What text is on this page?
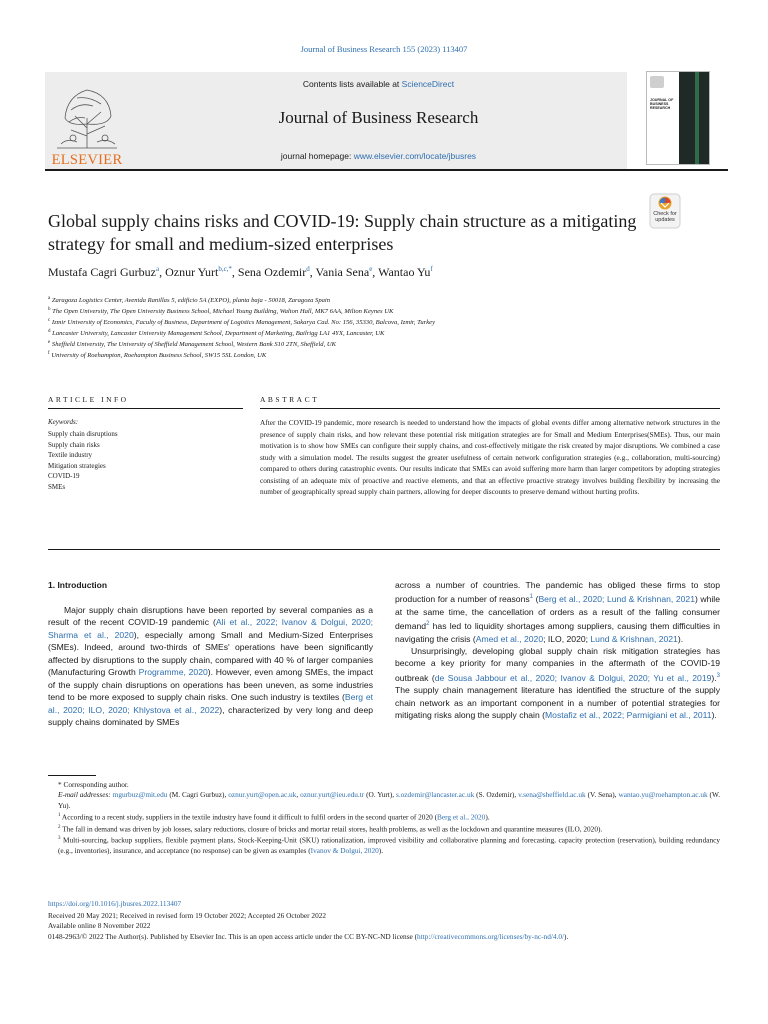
Journal of Business Research 155 (2023) 113407
ELSEVIER
Contents lists available at ScienceDirect
Journal of Business Research
journal homepage: www.elsevier.com/locate/jbusres
JOURNAL OF BUSINESS RESEARCH
Check for
updates
Global supply chains risks and COVID-19: Supply chain structure as a mitigating strategy for small and medium-sized enterprises
Mustafa Cagri Gurbuz$^a$, Oznur Yurt$^{b,c,*}$, Sena Ozdemir$^d$, Vania Sena$^e$, Wantao Yu$^f$
$^a$ Zaragoza Logistics Center, Avenida Ranillas 5, edificio 5A (EXPO), planta baja - 50018, Zaragoza Spain
$^b$ The Open University, The Open University Business School, Michael Young Building, Walton Hall, MK7 6AA, Milton Keynes UK
$^c$ Izmir University of Economics, Faculty of Business, Department of Logistics Management, Sakarya Cad. No: 156, 35330, Balcova, Izmir, Turkey
$^d$ Lancaster University, Lancaster University Management School, Department of Marketing, Bailrigg LA1 4YX, Lancaster, UK
$^e$ Sheffield University, The University of Sheffield Management School, Western Bank S10 2TN, Sheffield, UK
$^f$ University of Roehampton, Roehampton Business School, SW15 5SL London, UK
ARTICLE INFO
Keywords:
Supply chain disruptions
Supply chain risks
Textile industry
Mitigation strategies
COVID-19
SMEs
ABSTRACT
After the COVID-19 pandemic, more research is needed to understand how the impacts of global events differ among alternative network structures in the presence of supply chain risks, and how relevant these potential risk mitigation strategies are for Small and Medium Enterprises(SMEs). Thus, our main motivation is to show how SMEs can configure their supply chains, and cost-effectively mitigate the risk created by major disruptions. We combined a case study with a simulation model. The results suggest the greater usefulness of certain network configuration strategies (e.g., collaboration, multi-sourcing) compared to others during catastrophic events. Our results indicate that SMEs can avoid suffering more harm than larger competitors by adopting strategies consisting of an adequate mix of proactive and reactive elements, and that an effective proactive strategy involves building flexibility by increasing the number of geographically spread supply chain partners, allowing for deeper discounts to preserve demand without hurting profits.
1. Introduction
Major supply chain disruptions have been reported by several companies as a result of the recent COVID-19 pandemic (Ali et al., 2022; Ivanov & Dolgui, 2020; Sharma et al., 2020), especially among Small and Medium-Sized Enterprises (SMEs). Indeed, around two-thirds of SMEs' operations have been significantly affected by disruptions to the supply chain, compared with 40 % of larger companies (Manufacturing Growth Programme, 2020). However, even among SMEs, the impact of the supply chain disruptions on operations has been uneven, as some industries tend to be more exposed to supply chain risks. One such industry is textiles (Berg et al., 2020; ILO, 2020; Khlystova et al., 2022), characterized by very long and deep supply chains dominated by SMEs

across a number of countries. The pandemic has obliged these firms to stop production for a number of reasons$^1$ (Berg et al., 2020; Lund & Krishnan, 2021) while at the same time, the cancellation of orders as a result of the falling consumer demand$^2$ has led to liquidity shortages among suppliers, causing them difficulties in navigating the crisis (Amed et al., 2020; ILO, 2020; Lund & Krishnan, 2021).

Unsurprisingly, developing global supply chain risk mitigation strategies has become a key priority for many companies in the aftermath of the COVID-19 outbreak (de Sousa Jabbour et al., 2020; Ivanov & Dolgui, 2020; Yu et al., 2019).$^3$ The supply chain management literature has identified the structure of the supply chain network as an important component in a number of potential strategies for mitigating risks along the supply chain (Mostafiz et al., 2022; Parmigiani et al., 2011).

* Corresponding author.

E-mail addresses: mgurbuz@mit.edu (M. Cagri Gurbuz), oznur.yurt@open.ac.uk, oznur.yurt@ieu.edu.tr (O. Yurt), s.ozdemir@lancaster.ac.uk (S. Ozdemir), v.sena@sheffield.ac.uk (V. Sena), wantao.yu@roehampton.ac.uk (W. Yu).

$^1$ According to a recent study, suppliers in the textile industry have found it difficult to fulfil orders in the second quarter of 2020 (Berg et al., 2020).

$^2$ The fall in demand was driven by job losses, salary reductions, closure of bricks and mortar retail stores, health problems, as well as the lockdown and quarantine measures (ILO, 2020).

$^3$ Multi-sourcing, backup suppliers, flexible payment plans, Stock-Keeping-Unit (SKU) rationalization, improved visibility and collaborative planning and forecasting, capacity protection (reservation), building redundancy (e.g., inventories), insurance, and acceptance (no response) can be given as examples (Ivanov & Dolgui, 2020).

https://doi.org/10.1016/j.jbusres.2022.113407
Received 20 May 2021; Received in revised form 19 October 2022; Accepted 26 October 2022
Available online 8 November 2022
0148-2963/© 2022 The Author(s). Published by Elsevier Inc. This is an open access article under the CC BY-NC-ND license (http://creativecommons.org/licenses/by-nc-nd/4.0/).
